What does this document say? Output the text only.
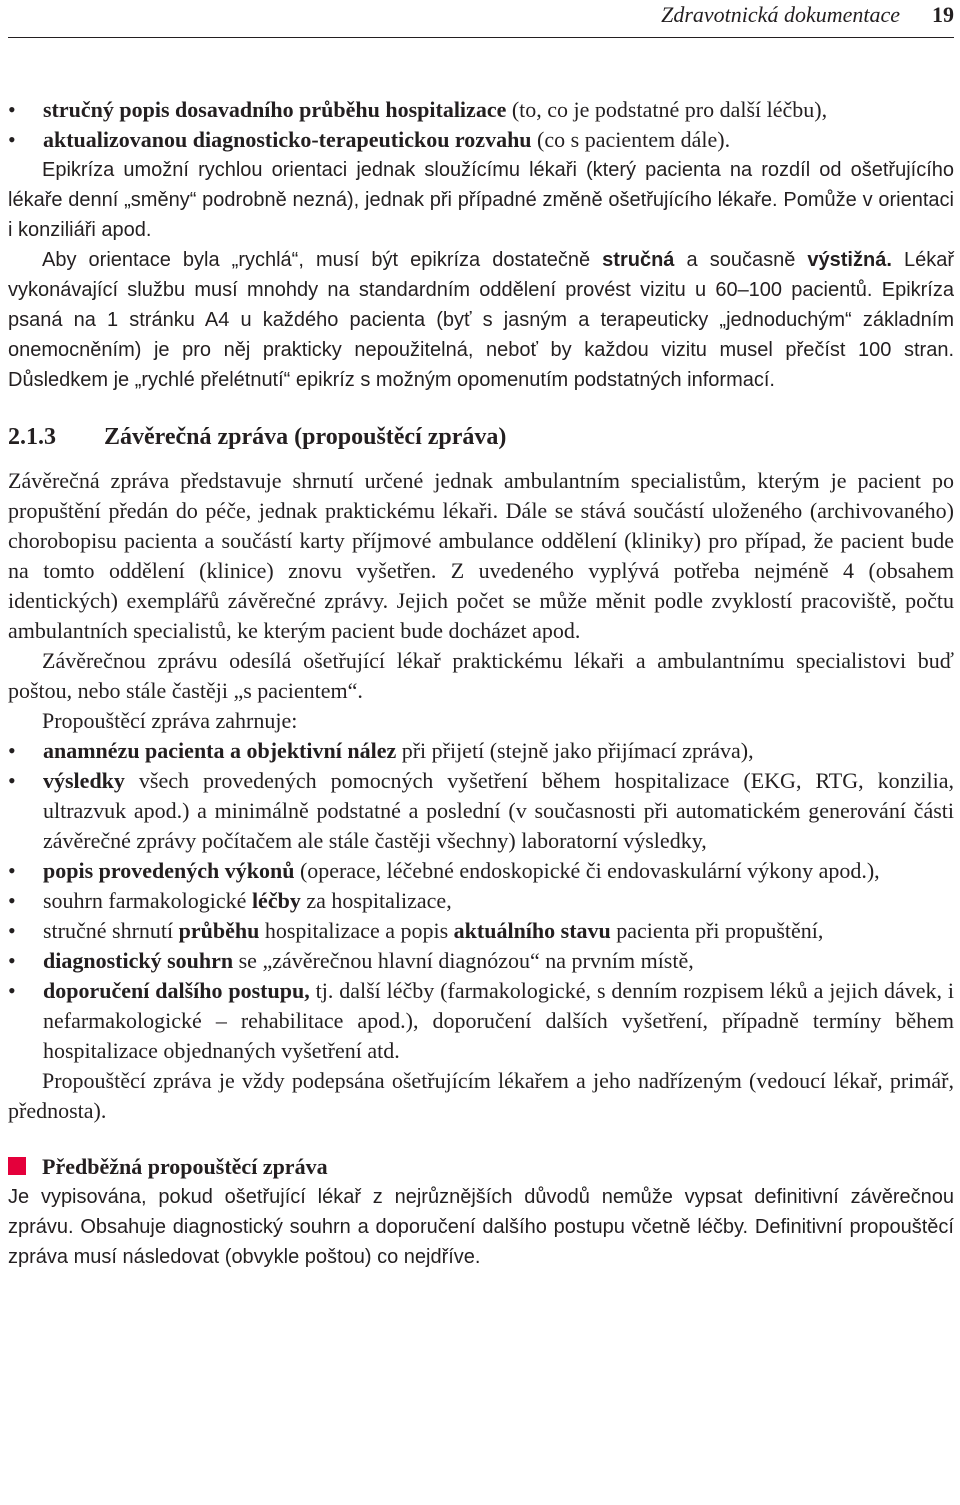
Zdravotnická dokumentace 19
• stručný popis dosavadního průběhu hospitalizace (to, co je podstatné pro další léčbu),
• aktualizovanou diagnosticko-terapeutickou rozvahu (co s pacientem dále).

Epikríza umožní rychlou orientaci jednak sloužícímu lékaři (který pacienta na rozdíl od ošetřujícího lékaře denní „směny“ podrobně nezná), jednak při případné změně ošetřujícího lékaře. Pomůže v orientaci i konziliáři apod.

Aby orientace byla „rychlá“, musí být epikríza dostatečně stručná a současně výstižná. Lékař vykonávající službu musí mnohdy na standardním oddělení provést vizitu u 60–100 pacientů. Epikríza psaná na 1 stránku A4 u každého pacienta (byť s jasným a terapeuticky „jednoduchým“ základním onemocněním) je pro něj prakticky nepoužitelná, neboť by každou vizitu musel přečíst 100 stran. Důsledkem je „rychlé přelétnutí“ epikríz s možným opomenutím podstatných informací.

2.1.3 Závěrečná zpráva (propouštěcí zpráva)

Závěrečná zpráva představuje shrnutí určené jednak ambulantním specialistům, kterým je pacient po propuštění předán do péče, jednak praktickému lékaři. Dále se stává součástí uloženého (archivovaného) chorobopisu pacienta a součástí karty příjmové ambulance oddělení (kliniky) pro případ, že pacient bude na tomto oddělení (klinice) znovu vyšetřen. Z uvedeného vyplývá potřeba nejméně 4 (obsahem identických) exemplářů závěrečné zprávy. Jejich počet se může měnit podle zvyklostí pracoviště, počtu ambulantních specialistů, ke kterým pacient bude docházet apod.

Závěrečnou zprávu odesílá ošetřující lékař praktickému lékaři a ambulantnímu specialistovi buď poštou, nebo stále častěji „s pacientem“.

Propouštěcí zpráva zahrnuje:

• anamnézu pacienta a objektivní nález při přijetí (stejně jako přijímací zpráva),
• výsledky všech provedených pomocných vyšetření během hospitalizace (EKG, RTG, konzilia, ultrazvuk apod.) a minimálně podstatné a poslední (v současnosti při automatickém generování části závěrečné zprávy počítačem ale stále častěji všechny) laboratorní výsledky,
• popis provedených výkonů (operace, léčebné endoskopické či endovaskulární výkony apod.),
• souhrn farmakologické léčby za hospitalizace,
• stručné shrnutí průběhu hospitalizace a popis aktuálního stavu pacienta při propuštění,
• diagnostický souhrn se „závěrečnou hlavní diagnózou“ na prvním místě,
• doporučení dalšího postupu, tj. další léčby (farmakologické, s denním rozpisem léků a jejich dávek, i nefarmakologické – rehabilitace apod.), doporučení dalších vyšetření, případně termíny během hospitalizace objednaných vyšetření atd.

Propouštěcí zpráva je vždy podepsána ošetřujícím lékařem a jeho nadřízeným (vedoucí lékař, primář, přednosta).

Předběžná propouštěcí zpráva

Je vypisována, pokud ošetřující lékař z nejrůznějších důvodů nemůže vypsat definitivní závěrečnou zprávu. Obsahuje diagnostický souhrn a doporučení dalšího postupu včetně léčby. Definitivní propouštěcí zpráva musí následovat (obvykle poštou) co nejdříve.
